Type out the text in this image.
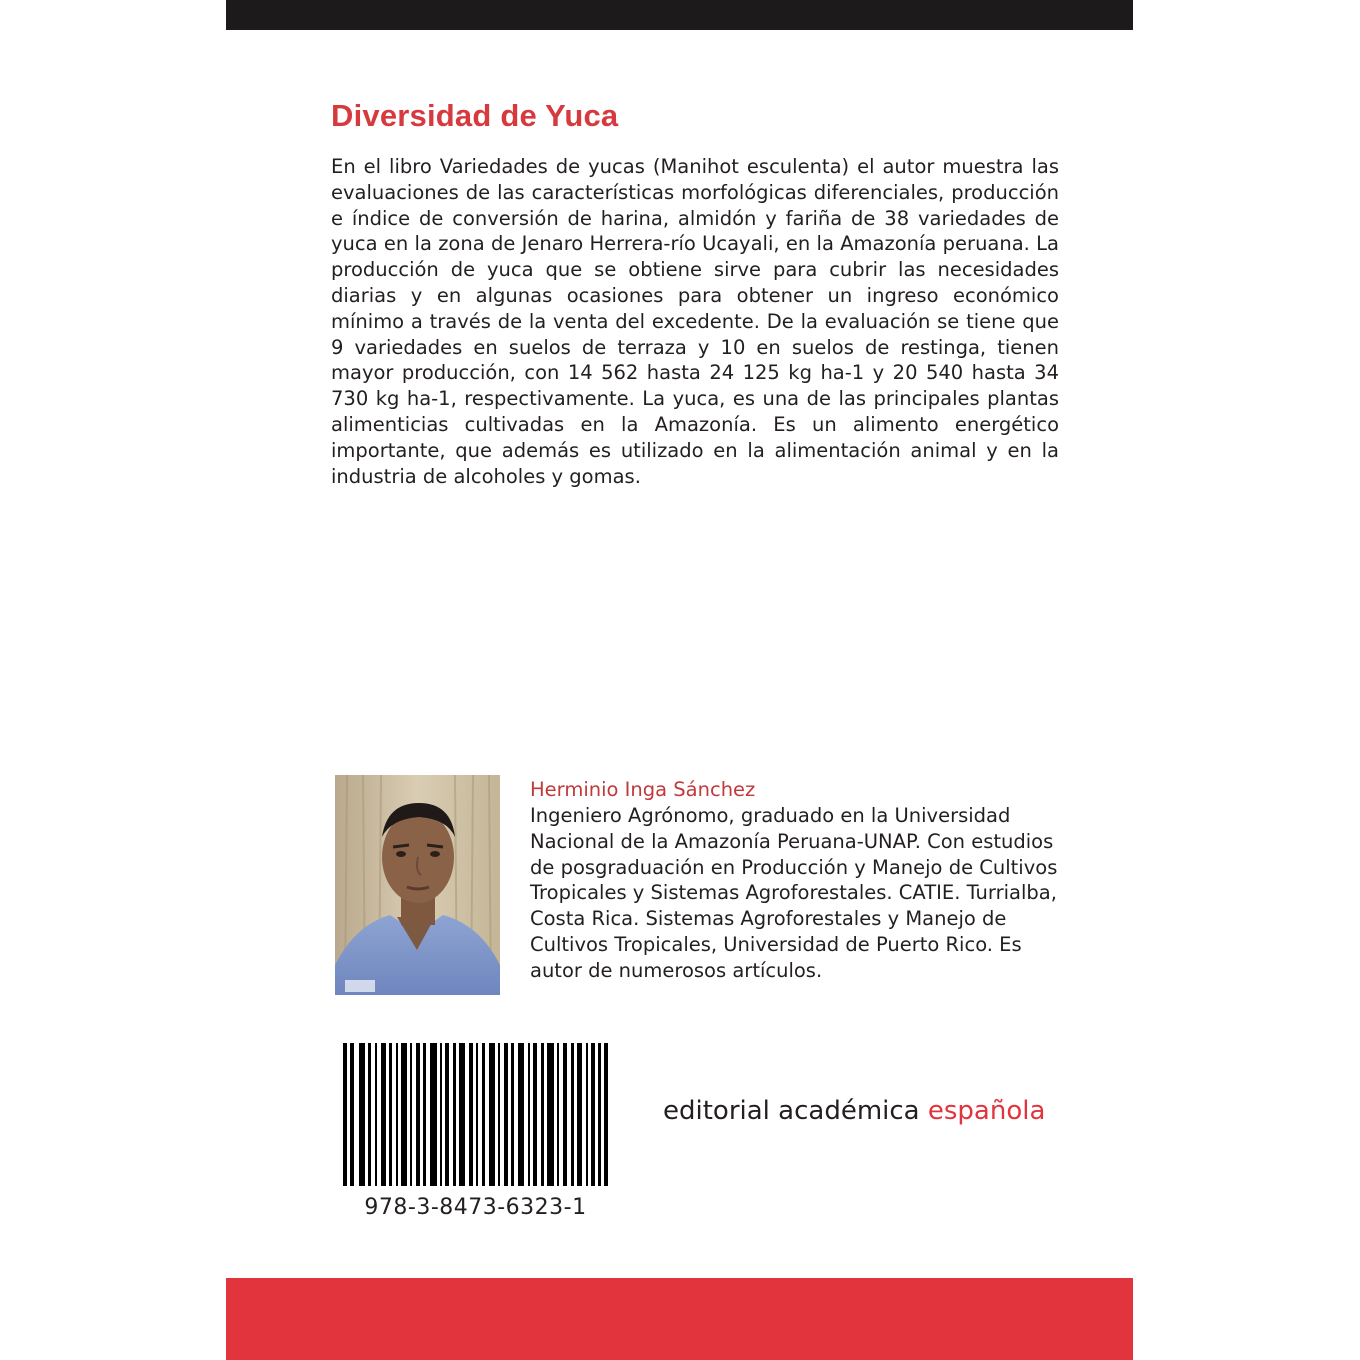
Diversidad de Yuca

En el libro Variedades de yucas (Manihot esculenta) el autor muestra las evaluaciones de las características morfológicas diferenciales, producción e índice de conversión de harina, almidón y fariña de 38 variedades de yuca en la zona de Jenaro Herrera-río Ucayali, en la Amazonía peruana. La producción de yuca que se obtiene sirve para cubrir las necesidades diarias y en algunas ocasiones para obtener un ingreso económico mínimo a través de la venta del excedente. De la evaluación se tiene que 9 variedades en suelos de terraza y 10 en suelos de restinga, tienen mayor producción, con 14 562 hasta 24 125 kg ha-1 y 20 540 hasta 34 730 kg ha-1, respectivamente. La yuca, es una de las principales plantas alimenticias cultivadas en la Amazonía. Es un alimento energético importante, que además es utilizado en la alimentación animal y en la industria de alcoholes y gomas.

Herminio Inga Sánchez

Ingeniero Agrónomo, graduado en la Universidad Nacional de la Amazonía Peruana-UNAP. Con estudios de posgraduación en Producción y Manejo de Cultivos Tropicales y Sistemas Agroforestales. CATIE. Turrialba, Costa Rica. Sistemas Agroforestales y Manejo de Cultivos Tropicales, Universidad de Puerto Rico. Es autor de numerosos artículos.

978-3-8473-6323-1
editorial académica española
